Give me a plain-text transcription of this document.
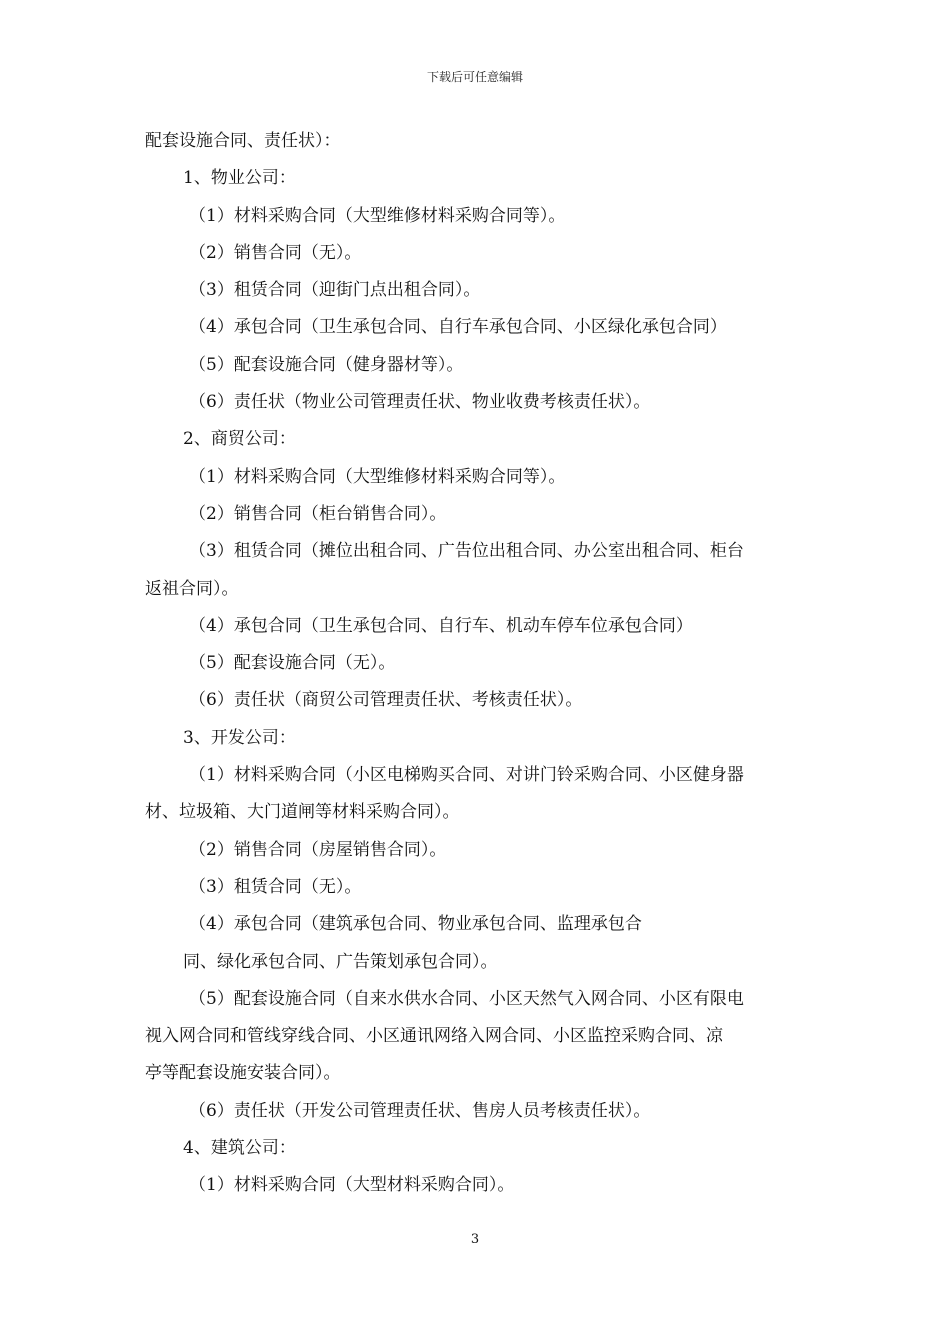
下载后可任意编辑
配套设施合同、责任状）：
1、物业公司：
（1）材料采购合同（大型维修材料采购合同等）。
（2）销售合同（无）。
（3）租赁合同（迎街门点出租合同）。
（4）承包合同（卫生承包合同、自行车承包合同、小区绿化承包合同）
（5）配套设施合同（健身器材等）。
（6）责任状（物业公司管理责任状、物业收费考核责任状）。
2、商贸公司：
（1）材料采购合同（大型维修材料采购合同等）。
（2）销售合同（柜台销售合同）。
（3）租赁合同（摊位出租合同、广告位出租合同、办公室出租合同、柜台
返祖合同）。
（4）承包合同（卫生承包合同、自行车、机动车停车位承包合同）
（5）配套设施合同（无）。
（6）责任状（商贸公司管理责任状、考核责任状）。
3、开发公司：
（1）材料采购合同（小区电梯购买合同、对讲门铃采购合同、小区健身器
材、垃圾箱、大门道闸等材料采购合同）。
（2）销售合同（房屋销售合同）。
（3）租赁合同（无）。
（4）承包合同（建筑承包合同、物业承包合同、监理承包合
同、绿化承包合同、广告策划承包合同）。
（5）配套设施合同（自来水供水合同、小区天然气入网合同、小区有限电
视入网合同和管线穿线合同、小区通讯网络入网合同、小区监控采购合同、凉
亭等配套设施安装合同）。
（6）责任状（开发公司管理责任状、售房人员考核责任状）。
4、建筑公司：
（1）材料采购合同（大型材料采购合同）。
3
